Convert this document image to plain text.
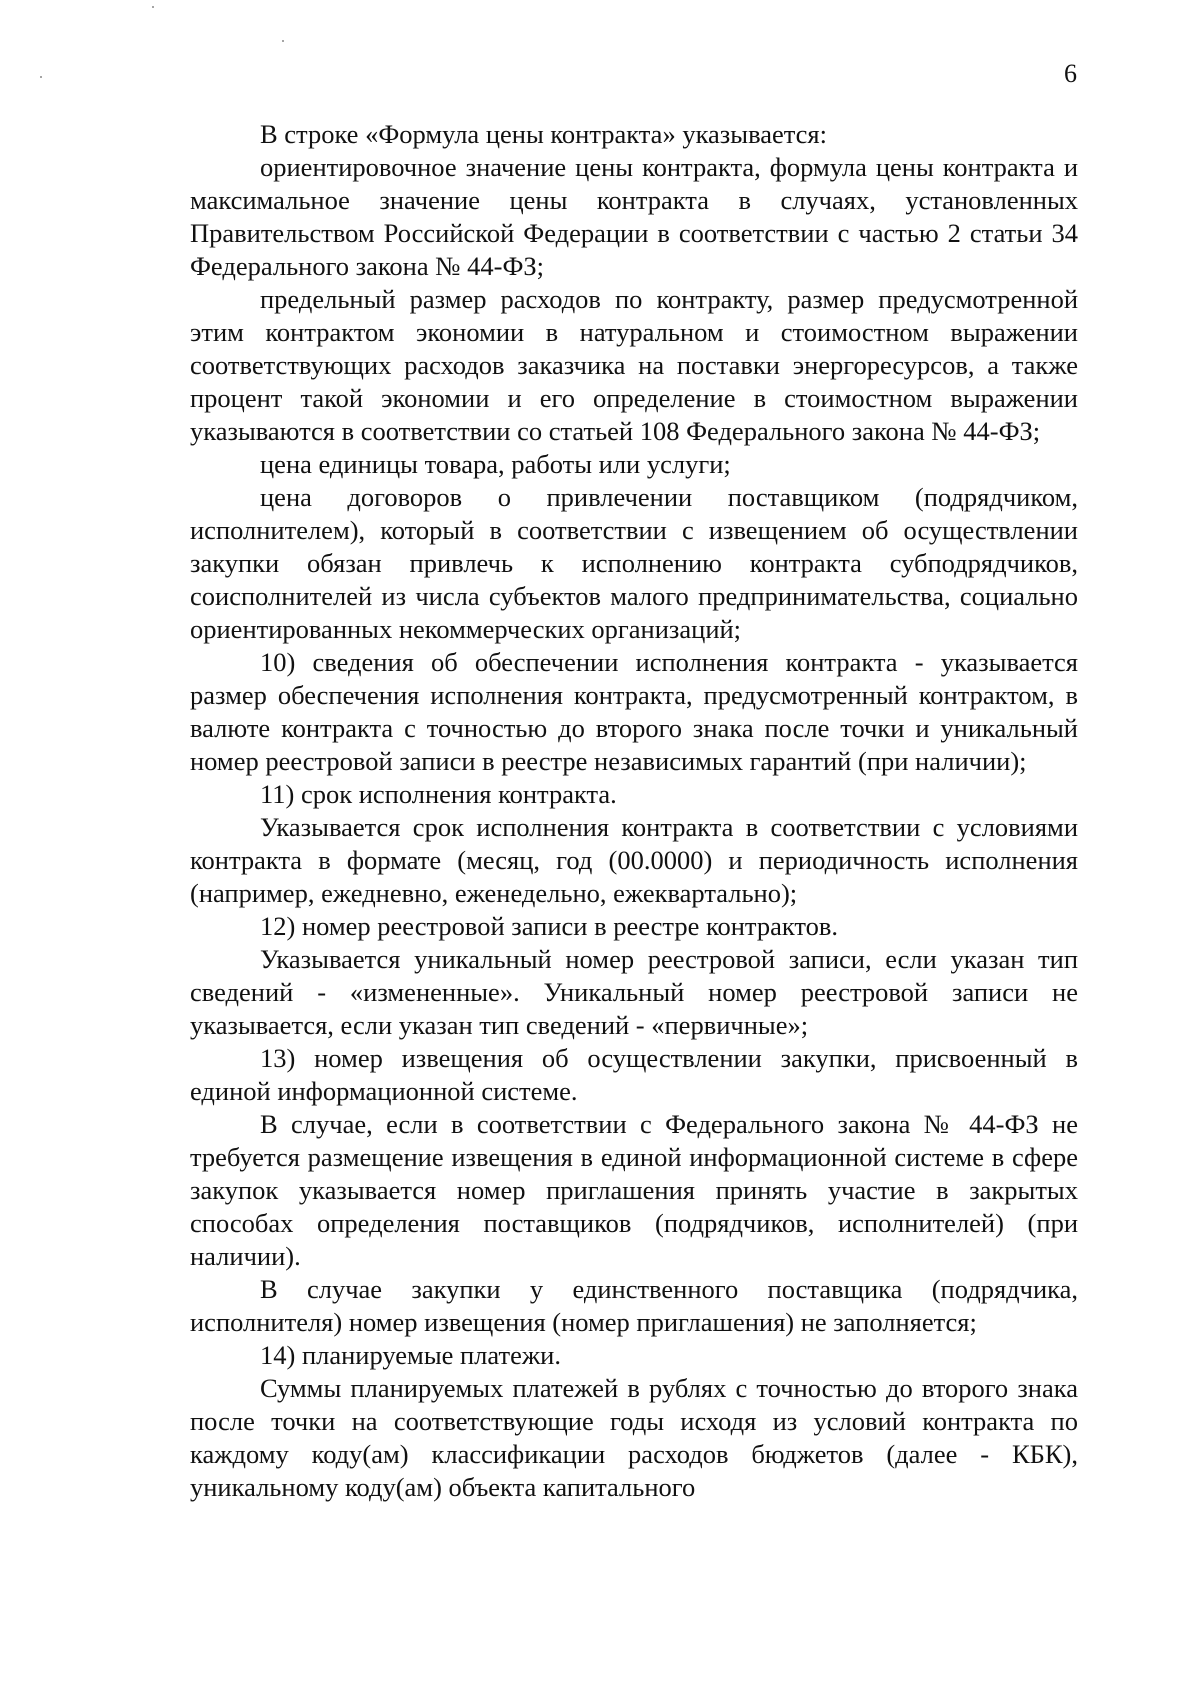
6

В строке «Формула цены контракта» указывается:

ориентировочное значение цены контракта, формула цены контракта и максимальное значение цены контракта в случаях, установленных Правительством Российской Федерации в соответствии с частью 2 статьи 34 Федерального закона № 44-ФЗ;

предельный размер расходов по контракту, размер предусмотренной этим контрактом экономии в натуральном и стоимостном выражении соответствующих расходов заказчика на поставки энергоресурсов, а также процент такой экономии и его определение в стоимостном выражении указываются в соответствии со статьей 108 Федерального закона № 44-ФЗ;

цена единицы товара, работы или услуги;

цена договоров о привлечении поставщиком (подрядчиком, исполнителем), который в соответствии с извещением об осуществлении закупки обязан привлечь к исполнению контракта субподрядчиков, соисполнителей из числа субъектов малого предпринимательства, социально ориентированных некоммерческих организаций;

10) сведения об обеспечении исполнения контракта - указывается размер обеспечения исполнения контракта, предусмотренный контрактом, в валюте контракта с точностью до второго знака после точки и уникальный номер реестровой записи в реестре независимых гарантий (при наличии);

11) срок исполнения контракта.

Указывается срок исполнения контракта в соответствии с условиями контракта в формате (месяц, год (00.0000) и периодичность исполнения (например, ежедневно, еженедельно, ежеквартально);

12) номер реестровой записи в реестре контрактов.

Указывается уникальный номер реестровой записи, если указан тип сведений - «измененные». Уникальный номер реестровой записи не указывается, если указан тип сведений - «первичные»;

13) номер извещения об осуществлении закупки, присвоенный в единой информационной системе.

В случае, если в соответствии с Федерального закона № 44-ФЗ не требуется размещение извещения в единой информационной системе в сфере закупок указывается номер приглашения принять участие в закрытых способах определения поставщиков (подрядчиков, исполнителей) (при наличии).

В случае закупки у единственного поставщика (подрядчика, исполнителя) номер извещения (номер приглашения) не заполняется;

14) планируемые платежи.

Суммы планируемых платежей в рублях с точностью до второго знака после точки на соответствующие годы исходя из условий контракта по каждому коду(ам) классификации расходов бюджетов (далее - КБК), уникальному коду(ам) объекта капитального
